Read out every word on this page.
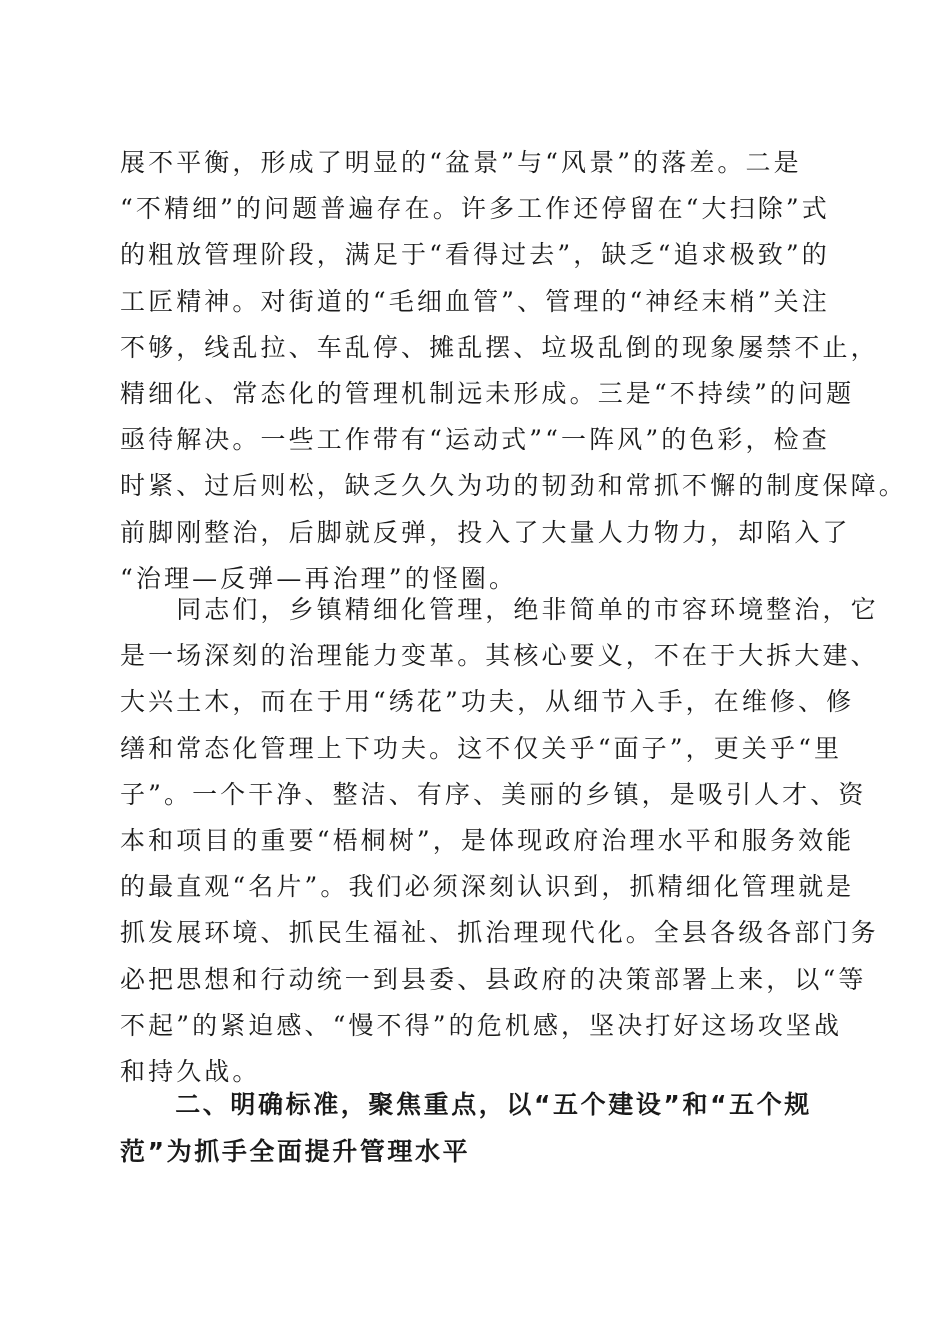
展不平衡，形成了明显的“盆景”与“风景”的落差。二是
“不精细”的问题普遍存在。许多工作还停留在“大扫除”式
的粗放管理阶段，满足于“看得过去”，缺乏“追求极致”的
工匠精神。对街道的“毛细血管”、管理的“神经末梢”关注
不够，线乱拉、车乱停、摊乱摆、垃圾乱倒的现象屡禁不止，
精细化、常态化的管理机制远未形成。三是“不持续”的问题
亟待解决。一些工作带有“运动式”“一阵风”的色彩，检查
时紧、过后则松，缺乏久久为功的韧劲和常抓不懈的制度保障。
前脚刚整治，后脚就反弹，投入了大量人力物力，却陷入了
“治理—反弹—再治理”的怪圈。
　　同志们，乡镇精细化管理，绝非简单的市容环境整治，它
是一场深刻的治理能力变革。其核心要义，不在于大拆大建、
大兴土木，而在于用“绣花”功夫，从细节入手，在维修、修
缮和常态化管理上下功夫。这不仅关乎“面子”，更关乎“里
子”。一个干净、整洁、有序、美丽的乡镇，是吸引人才、资
本和项目的重要“梧桐树”，是体现政府治理水平和服务效能
的最直观“名片”。我们必须深刻认识到，抓精细化管理就是
抓发展环境、抓民生福祉、抓治理现代化。全县各级各部门务
必把思想和行动统一到县委、县政府的决策部署上来，以“等
不起”的紧迫感、“慢不得”的危机感，坚决打好这场攻坚战
和持久战。
　　二、明确标准，聚焦重点，以“五个建设”和“五个规
范”为抓手全面提升管理水平
